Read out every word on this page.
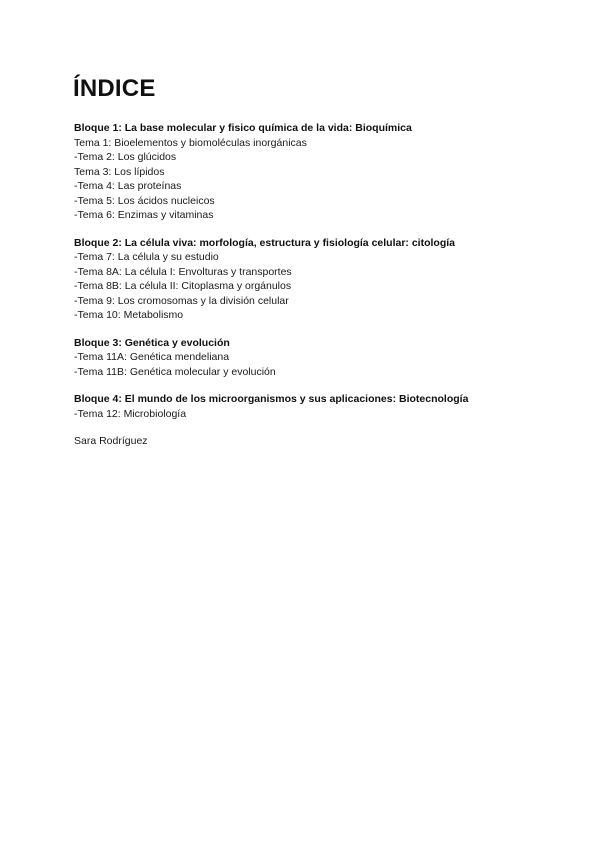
ÍNDICE
Bloque 1: La base molecular y fisico química de la vida: Bioquímica
Tema 1: Bioelementos y biomoléculas inorgánicas
-Tema 2: Los glúcidos
Tema 3: Los lípidos
-Tema 4: Las proteínas
-Tema 5: Los ácidos nucleicos
-Tema 6: Enzimas y vitaminas
Bloque 2: La célula viva: morfología, estructura y fisiología celular: citología
-Tema 7: La célula y su estudio
-Tema 8A: La célula I: Envolturas y transportes
-Tema 8B: La célula II: Citoplasma y orgánulos
-Tema 9: Los cromosomas y la división celular
-Tema 10: Metabolismo
Bloque 3: Genética y evolución
-Tema 11A: Genética mendeliana
-Tema 11B: Genética molecular y evolución
Bloque 4: El mundo de los microorganismos y sus aplicaciones: Biotecnología
-Tema 12: Microbiología
Sara Rodríguez
